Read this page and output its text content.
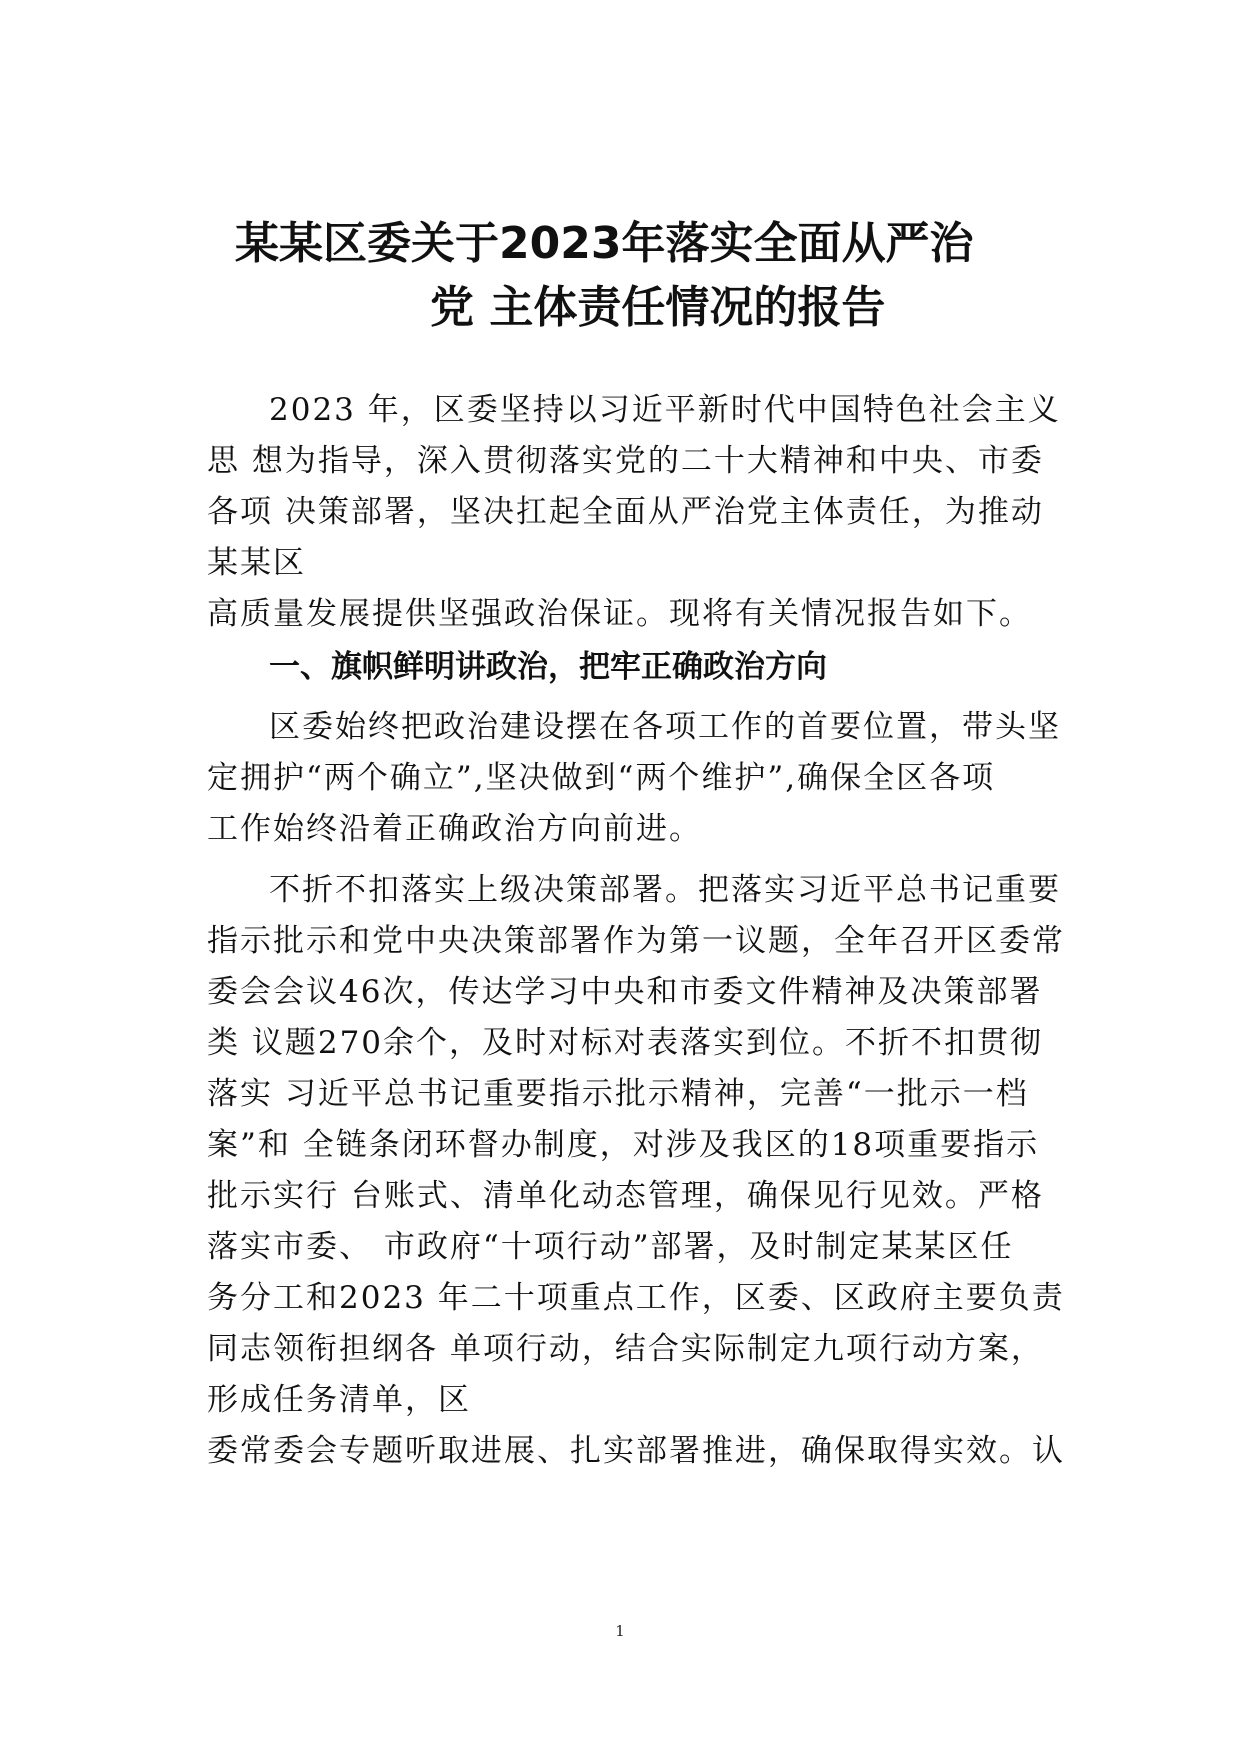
某某区委关于2023年落实全面从严治
党 主体责任情况的报告
2023 年，区委坚持以习近平新时代中国特色社会主义
思 想为指导，深入贯彻落实党的二十大精神和中央、市委
各项 决策部署，坚决扛起全面从严治党主体责任，为推动
某某区
高质量发展提供坚强政治保证。现将有关情况报告如下。
一、旗帜鲜明讲政治，把牢正确政治方向
区委始终把政治建设摆在各项工作的首要位置，带头坚
定拥护“两个确立”,坚决做到“两个维护”,确保全区各项
工作始终沿着正确政治方向前进。
不折不扣落实上级决策部署。把落实习近平总书记重要
指示批示和党中央决策部署作为第一议题，全年召开区委常
委会会议46次，传达学习中央和市委文件精神及决策部署
类 议题270余个，及时对标对表落实到位。不折不扣贯彻
落实 习近平总书记重要指示批示精神，完善“一批示一档
案”和 全链条闭环督办制度，对涉及我区的18项重要指示
批示实行 台账式、清单化动态管理，确保见行见效。严格
落实市委、 市政府“十项行动”部署，及时制定某某区任
务分工和2023 年二十项重点工作，区委、区政府主要负责
同志领衔担纲各 单项行动，结合实际制定九项行动方案，
形成任务清单，区
委常委会专题听取进展、扎实部署推进，确保取得实效。认
1
